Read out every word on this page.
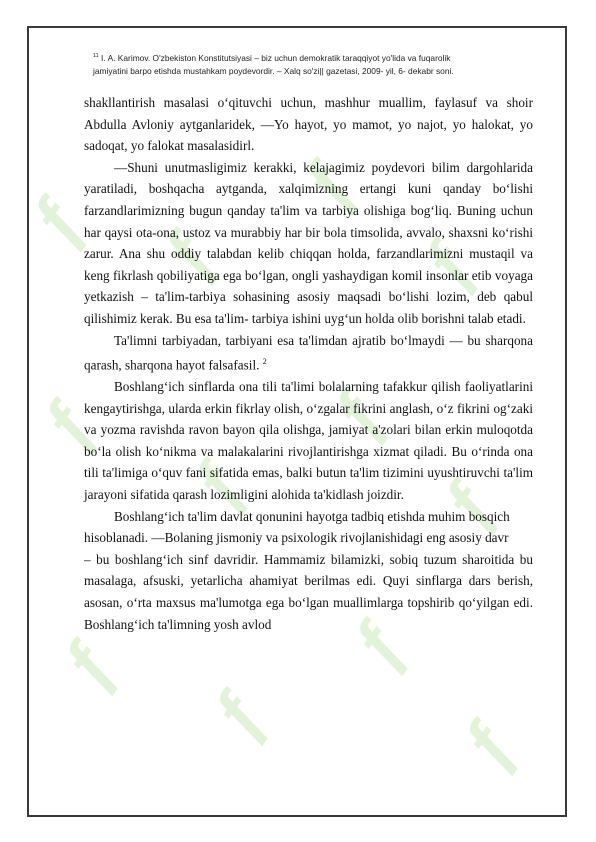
ƒ ƒ
ƒ
ƒ
ƒ
ƒ
ƒ
ƒ
ƒ
ƒ
ƒ
ƒ
$^{11}$ I. A. Karimov. O'zbekiston Konstitutsiyasi – biz uchun demokratik taraqqiyot yo'lida va fuqarolik
jamiyatini barpo etishda mustahkam poydevordir. – Xalq so'zi|| gazetasi, 2009- yil, 6- dekabr soni.

shakllantirish masalasi o‘qituvchi uchun, mashhur muallim, faylasuf va shoir Abdulla Avloniy aytganlaridek, ―Yo hayot, yo mamot, yo najot, yo halokat, yo sadoqat, yo falokat masalasidirl.

―Shuni unutmasligimiz kerakki, kelajagimiz poydevori bilim dargohlarida yaratiladi, boshqacha aytganda, xalqimizning ertangi kuni qanday bo‘lishi farzandlarimizning bugun qanday ta'lim va tarbiya olishiga bog‘liq. Buning uchun har qaysi ota-ona, ustoz va murabbiy har bir bola timsolida, avvalo, shaxsni ko‘rishi zarur. Ana shu oddiy talabdan kelib chiqqan holda, farzandlarimizni mustaqil va keng fikrlash qobiliyatiga ega bo‘lgan, ongli yashaydigan komil insonlar etib voyaga yetkazish – ta'lim-tarbiya sohasining asosiy maqsadi bo‘lishi lozim, deb qabul qilishimiz kerak. Bu esa ta'lim- tarbiya ishini uyg‘un holda olib borishni talab etadi.

Ta'limni tarbiyadan, tarbiyani esa ta'limdan ajratib bo‘lmaydi — bu sharqona qarash, sharqona hayot falsafasil. $^2$

Boshlang‘ich sinflarda ona tili ta'limi bolalarning tafakkur qilish faoliyatlarini kengaytirishga, ularda erkin fikrlay olish, o‘zgalar fikrini anglash, o‘z fikrini og‘zaki va yozma ravishda ravon bayon qila olishga, jamiyat a'zolari bilan erkin muloqotda bo‘la olish ko‘nikma va malakalarini rivojlantirishga xizmat qiladi. Bu o‘rinda ona tili ta'limiga o‘quv fani sifatida emas, balki butun ta'lim tizimini uyushtiruvchi ta'lim jarayoni sifatida qarash lozimligini alohida ta'kidlash joizdir.

Boshlang‘ich ta'lim davlat qonunini hayotga tadbiq etishda muhim bosqich hisoblanadi. ―Bolaning jismoniy va psixologik rivojlanishidagi eng asosiy davr

– bu boshlang‘ich sinf davridir. Hammamiz bilamizki, sobiq tuzum sharoitida bu masalaga, afsuski, yetarlicha ahamiyat berilmas edi. Quyi sinflarga dars berish, asosan, o‘rta maxsus ma'lumotga ega bo‘lgan muallimlarga topshirib qo‘yilgan edi. Boshlang‘ich ta'limning yosh avlod
